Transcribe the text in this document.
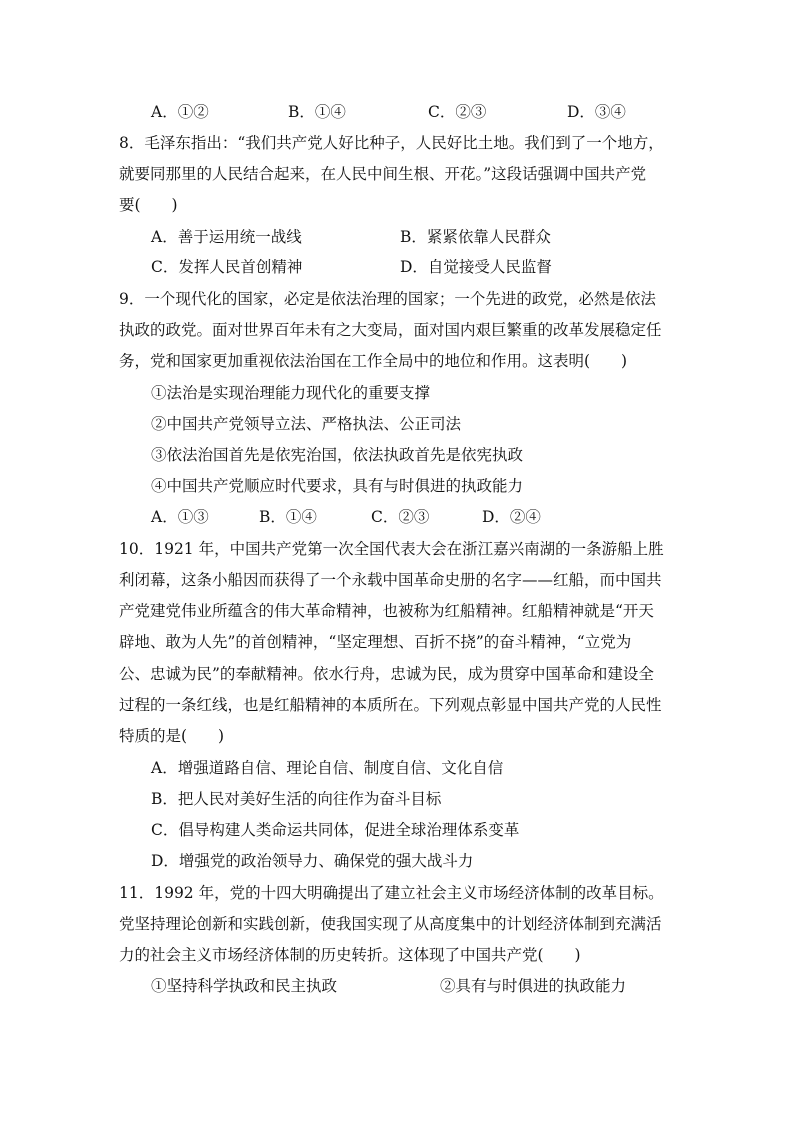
A．①②	B．①④	C．②③	D．③④
8．毛泽东指出：“我们共产党人好比种子，人民好比土地。我们到了一个地方，
就要同那里的人民结合起来，在人民中间生根、开花。”这段话强调中国共产党
要(　　)
A．善于运用统一战线	B．紧紧依靠人民群众
C．发挥人民首创精神	D．自觉接受人民监督
9．一个现代化的国家，必定是依法治理的国家；一个先进的政党，必然是依法
执政的政党。面对世界百年未有之大变局，面对国内艰巨繁重的改革发展稳定任
务，党和国家更加重视依法治国在工作全局中的地位和作用。这表明(　　)
①法治是实现治理能力现代化的重要支撑
②中国共产党领导立法、严格执法、公正司法
③依法治国首先是依宪治国，依法执政首先是依宪执政
④中国共产党顺应时代要求，具有与时俱进的执政能力
A．①③	B．①④	C．②③	D．②④
10．1921 年，中国共产党第一次全国代表大会在浙江嘉兴南湖的一条游船上胜
利闭幕，这条小船因而获得了一个永载中国革命史册的名字——红船，而中国共
产党建党伟业所蕴含的伟大革命精神，也被称为红船精神。红船精神就是“开天
辟地、敢为人先”的首创精神，“坚定理想、百折不挠”的奋斗精神，“立党为
公、忠诚为民”的奉献精神。依水行舟，忠诚为民，成为贯穿中国革命和建设全
过程的一条红线，也是红船精神的本质所在。下列观点彰显中国共产党的人民性
特质的是(　　)
A．增强道路自信、理论自信、制度自信、文化自信
B．把人民对美好生活的向往作为奋斗目标
C．倡导构建人类命运共同体，促进全球治理体系变革
D．增强党的政治领导力、确保党的强大战斗力
11．1992 年，党的十四大明确提出了建立社会主义市场经济体制的改革目标。
党坚持理论创新和实践创新，使我国实现了从高度集中的计划经济体制到充满活
力的社会主义市场经济体制的历史转折。这体现了中国共产党(　　)
①坚持科学执政和民主执政	②具有与时俱进的执政能力
